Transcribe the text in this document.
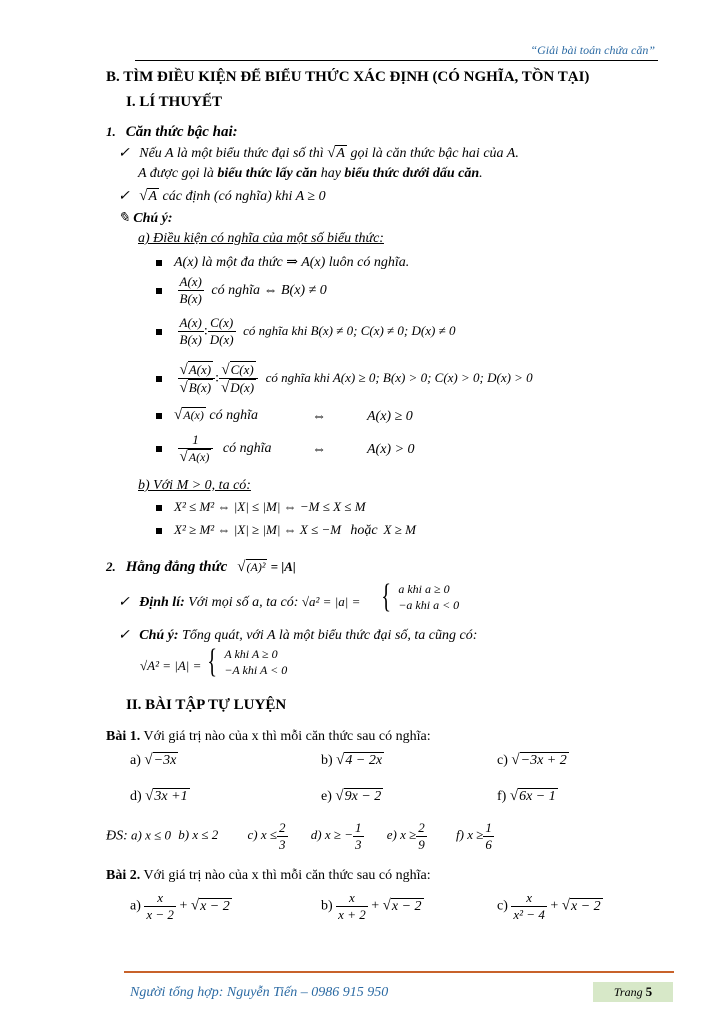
“Giải bài toán chứa căn”
B. TÌM ĐIỀU KIỆN ĐỂ BIỂU THỨC XÁC ĐỊNH (CÓ NGHĨA, TỒN TẠI)
I. LÍ THUYẾT
1. Căn thức bậc hai:
✓ Nếu A là một biểu thức đại số thì √A gọi là căn thức bậc hai của A.
A được gọi là biểu thức lấy căn hay biểu thức dưới dấu căn.
✓ √A các định (có nghĩa) khi A ≥ 0
✎ Chú ý:
a) Điều kiện có nghĩa của một số biểu thức:
A(x) là một đa thức ⇒ A(x) luôn có nghĩa.

$\frac{A(x)}{B(x)}$ có nghĩa ⇔ B(x) ≠ 0

$\frac{A(x)}{B(x)}$ : $\frac{C(x)}{D(x)}$ có nghĩa khi B(x) ≠ 0; C(x) ≠ 0; D(x) ≠ 0

$\frac{√A(x)}{√B(x)}$ : $\frac{√C(x)}{√D(x)}$ có nghĩa khi A(x) ≥ 0; B(x) > 0; C(x) > 0; D(x) > 0
√A(x) có nghĩa	⇔	A(x) ≥ 0

$\frac{1}{√A(x)}$ có nghĩa	⇔	A(x) > 0
b) Với M > 0, ta có:
X² ≤ M² ⇔ |X| ≤ |M| ⇔ −M ≤ X ≤ M
X² ≥ M² ⇔ |X| ≥ |M| ⇔ X ≤ −M hoặc X ≥ M
2. Hằng đẳng thức √(A)² = |A|
✓ Định lí: Với mọi số a, ta có: √a² = |a| = { a khi a ≥ 0
−a khi a < 0
✓ Chú ý: Tổng quát, với A là một biểu thức đại số, ta cũng có:
√A² = |A| = { A khi A ≥ 0
−A khi A < 0
II. BÀI TẬP TỰ LUYỆN
Bài 1. Với giá trị nào của x thì mỗi căn thức sau có nghĩa:
a) √−3x	b) √4 − 2x	c) √−3x + 2
d) √3x +1	e) √9x − 2	f) √6x − 1
ĐS: a) x ≤ 0 b) x ≤ 2 c) $x \le \frac{2}{3} d$) x ≥ − $\frac{1}{3} e$) $x \ge \frac{2}{9} f$) $x \ge \frac{1}{6}$
Bài 2. Với giá trị nào của x thì mỗi căn thức sau có nghĩa:
$a) \frac{x}{x - 2} + √x - 2$	$b) \frac{x}{x + 2} + √x - 2$	$c) \frac{x}{\text{x² − 4}} + √x - 2$
Người tổng hợp: Nguyễn Tiến – 0986 915 950	Trang 5
